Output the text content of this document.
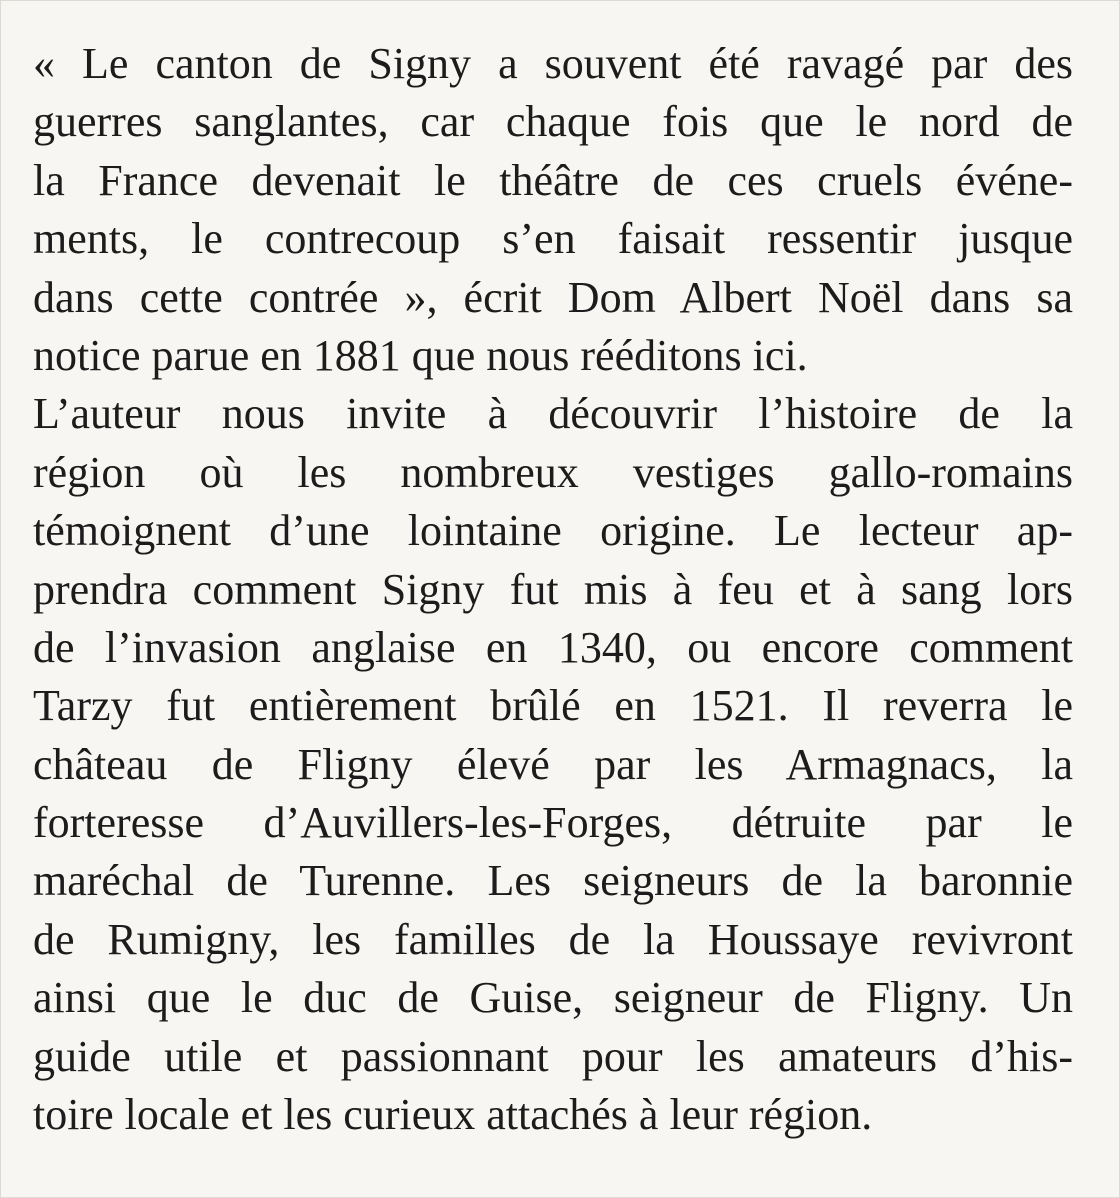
« Le canton de Signy a souvent été ravagé par des
guerres sanglantes, car chaque fois que le nord de
la France devenait le théâtre de ces cruels événe-
ments, le contrecoup s’en faisait ressentir jusque
dans cette contrée », écrit Dom Albert Noël dans sa
notice parue en 1881 que nous rééditons ici.
L’auteur nous invite à découvrir l’histoire de la
région où les nombreux vestiges gallo-romains
témoignent d’une lointaine origine. Le lecteur ap-
prendra comment Signy fut mis à feu et à sang lors
de l’invasion anglaise en 1340, ou encore comment
Tarzy fut entièrement brûlé en 1521. Il reverra le
château de Fligny élevé par les Armagnacs, la
forteresse d’Auvillers-les-Forges, détruite par le
maréchal de Turenne. Les seigneurs de la baronnie
de Rumigny, les familles de la Houssaye revivront
ainsi que le duc de Guise, seigneur de Fligny. Un
guide utile et passionnant pour les amateurs d’his-
toire locale et les curieux attachés à leur région.
